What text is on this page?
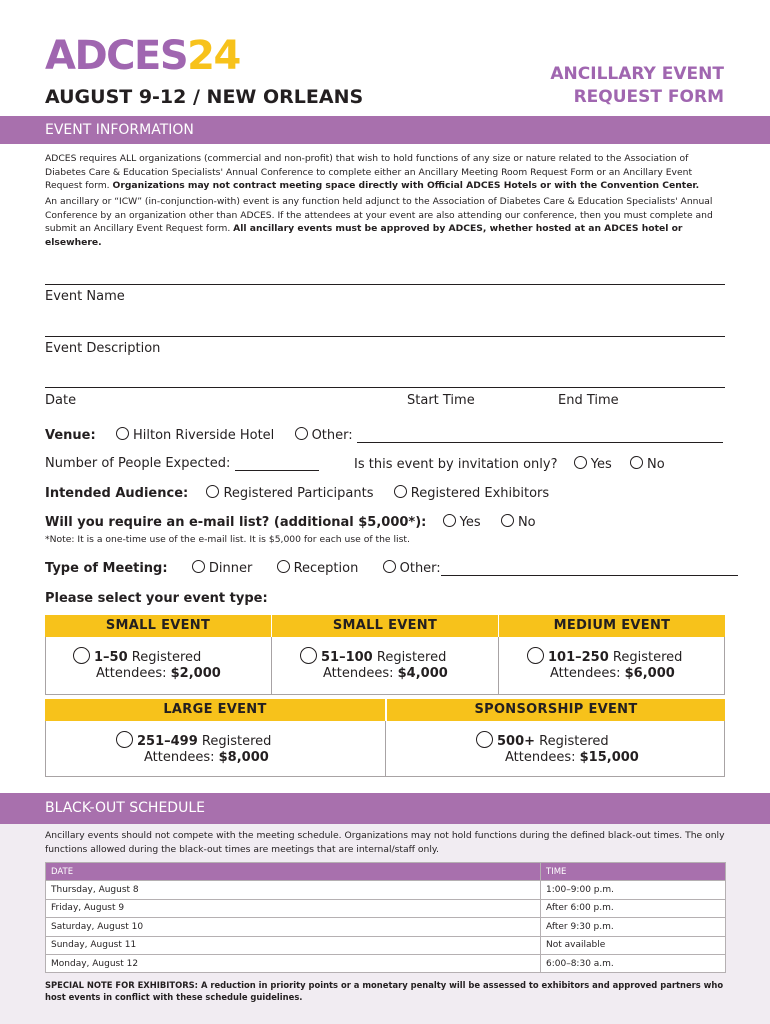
ADCES24
AUGUST 9-12 / NEW ORLEANS
ANCILLARY EVENT
REQUEST FORM
EVENT INFORMATION
ADCES requires ALL organizations (commercial and non-profit) that wish to hold functions of any size or nature related to the Association of Diabetes Care & Education Specialists' Annual Conference to complete either an Ancillary Meeting Room Request Form or an Ancillary Event Request form. Organizations may not contract meeting space directly with Official ADCES Hotels or with the Convention Center.
An ancillary or “ICW” (in-conjunction-with) event is any function held adjunct to the Association of Diabetes Care & Education Specialists' Annual Conference by an organization other than ADCES. If the attendees at your event are also attending our conference, then you must complete and submit an Ancillary Event Request form. All ancillary events must be approved by ADCES, whether hosted at an ADCES hotel or elsewhere.
Event Name
Event Description
Date	Start Time	End Time
Venue:	Hilton Riverside Hotel	Other:
Number of People Expected:	Is this event by invitation only?	Yes	No
Intended Audience:	Registered Participants	Registered Exhibitors
Will you require an e-mail list? (additional $5,000*):	Yes	No
*Note: It is a one-time use of the e-mail list. It is $5,000 for each use of the list.
Type of Meeting:	Dinner	Reception	Other:
Please select your event type:
SMALL EVENT	SMALL EVENT	MEDIUM EVENT
1–50 Registered
Attendees: $2,000
51–100 Registered
Attendees: $4,000
101–250 Registered
Attendees: $6,000
LARGE EVENT	SPONSORSHIP EVENT
251–499 Registered
Attendees: $8,000
500+ Registered
Attendees: $15,000
BLACK-OUT SCHEDULE
Ancillary events should not compete with the meeting schedule. Organizations may not hold functions during the defined black-out times. The only functions allowed during the black-out times are meetings that are internal/staff only.
DATE	TIME
Thursday, August 8	1:00–9:00 p.m.
Friday, August 9	After 6:00 p.m.
Saturday, August 10	After 9:30 p.m.
Sunday, August 11	Not available
Monday, August 12	6:00–8:30 a.m.
SPECIAL NOTE FOR EXHIBITORS: A reduction in priority points or a monetary penalty will be assessed to exhibitors and approved partners who host events in conflict with these schedule guidelines.
